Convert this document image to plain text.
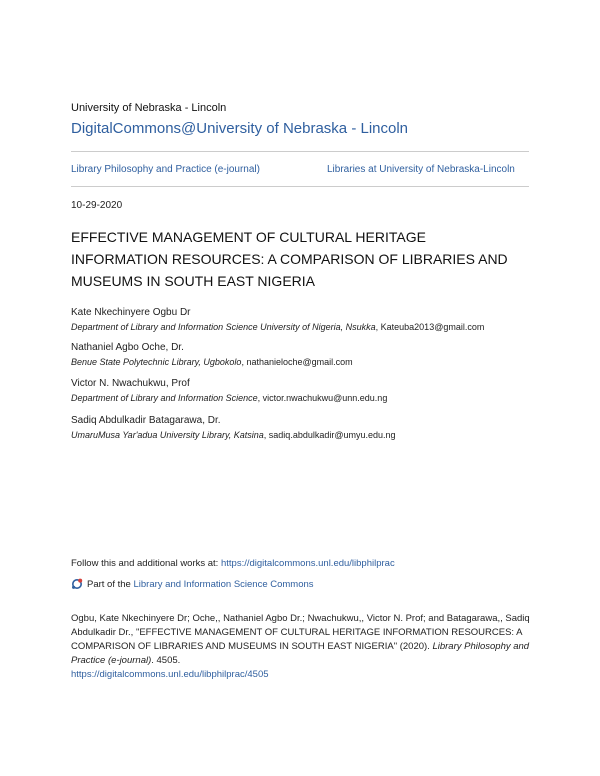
University of Nebraska - Lincoln
DigitalCommons@University of Nebraska - Lincoln
Library Philosophy and Practice (e-journal)	Libraries at University of Nebraska-Lincoln
10-29-2020
EFFECTIVE MANAGEMENT OF CULTURAL HERITAGE
INFORMATION RESOURCES: A COMPARISON OF LIBRARIES AND
MUSEUMS IN SOUTH EAST NIGERIA
Kate Nkechinyere Ogbu Dr
Department of Library and Information Science University of Nigeria, Nsukka, Kateuba2013@gmail.com
Nathaniel Agbo Oche, Dr.
Benue State Polytechnic Library, Ugbokolo, nathanieloche@gmail.com
Victor N. Nwachukwu, Prof
Department of Library and Information Science, victor.nwachukwu@unn.edu.ng
Sadiq Abdulkadir Batagarawa, Dr.
UmaruMusa Yar'adua University Library, Katsina, sadiq.abdulkadir@umyu.edu.ng
Follow this and additional works at: https://digitalcommons.unl.edu/libphilprac
Part of the Library and Information Science Commons
Ogbu, Kate Nkechinyere Dr; Oche,, Nathaniel Agbo Dr.; Nwachukwu,, Victor N. Prof; and Batagarawa,, Sadiq Abdulkadir Dr., "EFFECTIVE MANAGEMENT OF CULTURAL HERITAGE INFORMATION RESOURCES: A COMPARISON OF LIBRARIES AND MUSEUMS IN SOUTH EAST NIGERIA" (2020). Library Philosophy and Practice (e-journal). 4505.
https://digitalcommons.unl.edu/libphilprac/4505
